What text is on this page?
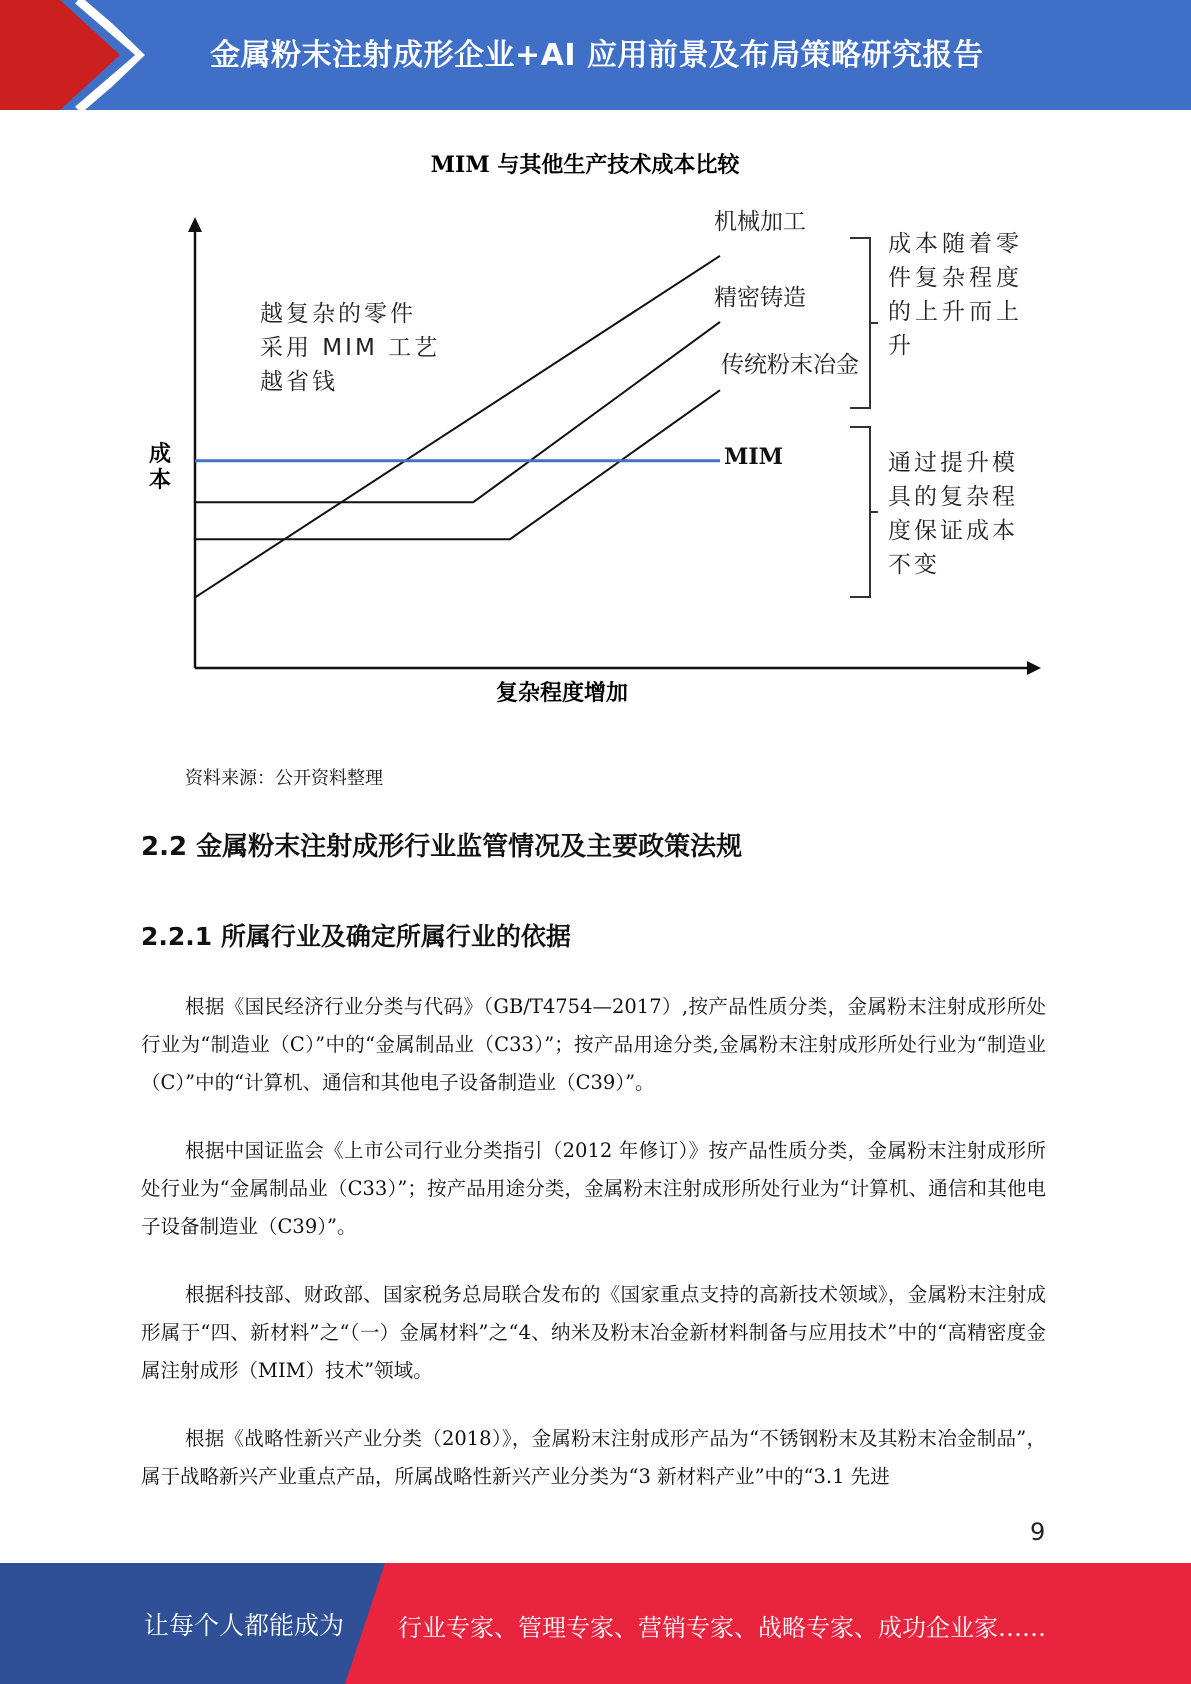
金属粉末注射成形企业+AI 应用前景及布局策略研究报告
MIM 与其他生产技术成本比较
成
本
复杂程度增加
机械加工
精密铸造
传统粉末冶金
MIM
越复杂的零件
采用 MIM 工艺
越省钱
成本随着零
件复杂程度
的上升而上
升
通过提升模
具的复杂程
度保证成本
不变
资料来源：公开资料整理
2.2 金属粉末注射成形行业监管情况及主要政策法规
2.2.1 所属行业及确定所属行业的依据
根据《国民经济行业分类与代码》（GB/T4754—2017）,按产品性质分类，金属粉末注射成形所处行业为“制造业（C）”中的“金属制品业（C33）”；按产品用途分类,金属粉末注射成形所处行业为“制造业（C）”中的“计算机、通信和其他电子设备制造业（C39）”。
根据中国证监会《上市公司行业分类指引（2012 年修订）》按产品性质分类，金属粉末注射成形所处行业为“金属制品业（C33）”；按产品用途分类，金属粉末注射成形所处行业为“计算机、通信和其他电子设备制造业（C39）”。
根据科技部、财政部、国家税务总局联合发布的《国家重点支持的高新技术领域》，金属粉末注射成形属于“四、新材料”之“（一）金属材料”之“4、纳米及粉末冶金新材料制备与应用技术”中的“高精密度金属注射成形（MIM）技术”领域。
根据《战略性新兴产业分类（2018）》，金属粉末注射成形产品为“不锈钢粉末及其粉末冶金制品”，属于战略新兴产业重点产品，所属战略性新兴产业分类为“3 新材料产业”中的“3.1 先进
9
让每个人都能成为 行业专家、管理专家、营销专家、战略专家、成功企业家……
